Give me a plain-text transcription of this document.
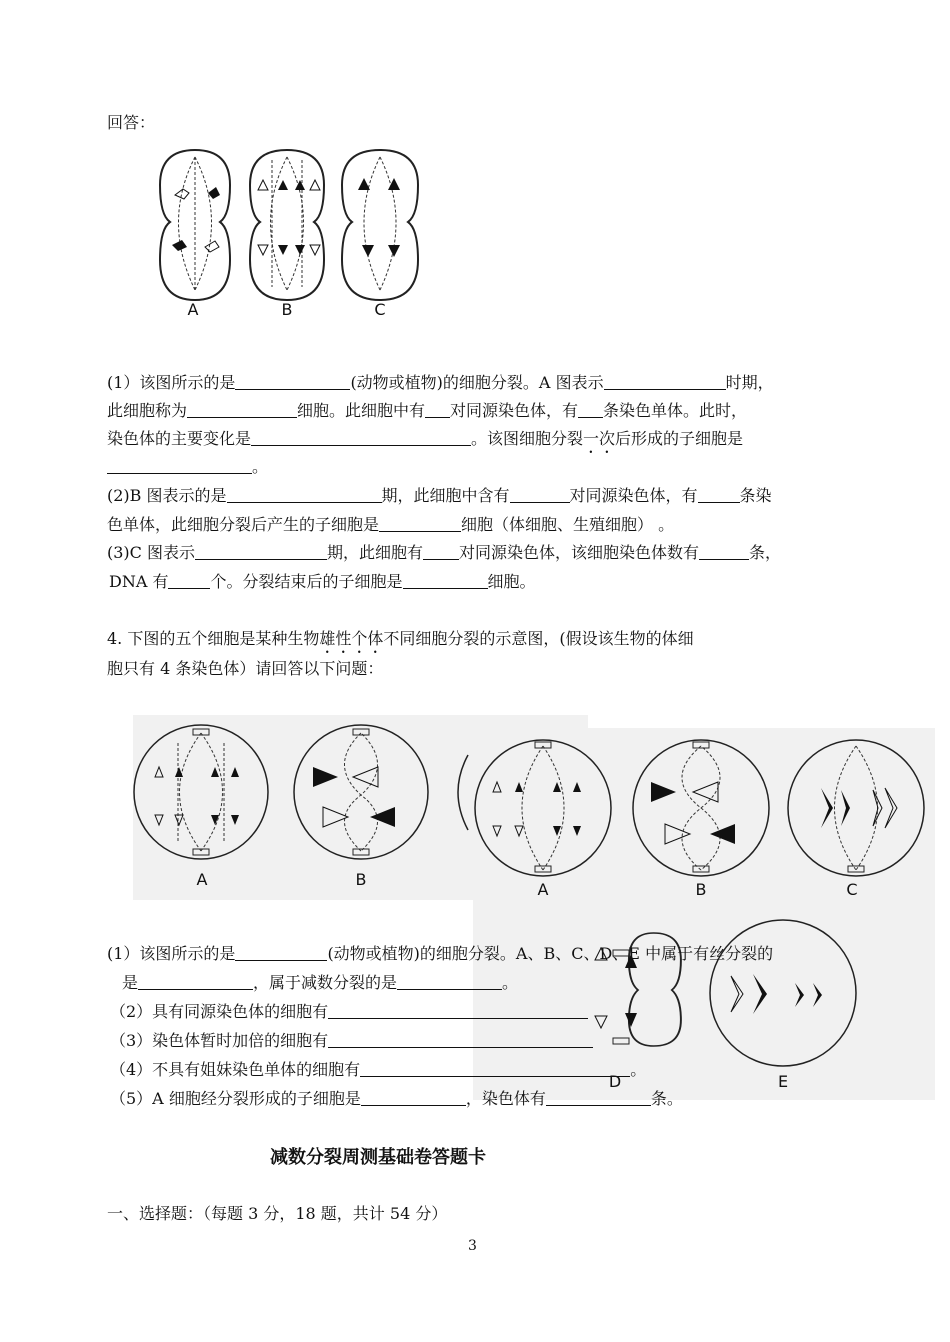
回答：
A	B	C
(1）该图所示的是	(动物或植物)的细胞分裂。A 图表示	时期，
此细胞称为	细胞。此细胞中有 对同源染色体，有 条染色单体。此时，
染色体的主要变化是	。该图细胞分裂一次后形成的子细胞是
。
(2)B 图表示的是	期，此细胞中含有	对同源染色体，有	条染
色单体，此细胞分裂后产生的子细胞是	细胞（体细胞、生殖细胞） 。
(3)C 图表示	期，此细胞有 对同源染色体，该细胞染色体数有	条，
DNA 有	个。分裂结束后的子细胞是	细胞。
4. 下图的五个细胞是某种生物雄性个体不同细胞分裂的示意图，(假设该生物的体细
胞只有 4 条染色体）请回答以下问题：
A	B
A	B	C
D	E
(1）该图所示的是	(动物或植物)的细胞分裂。A、B、C、D、E 中属于有丝分裂的
是	，属于减数分裂的是	。
（2）具有同源染色体的细胞有
（3）染色体暂时加倍的细胞有
（4）不具有姐妹染色单体的细胞有	。
（5）A 细胞经分裂形成的子细胞是	，染色体有	条。
减数分裂周测基础卷答题卡
一、选择题：（每题 3 分，18 题，共计 54 分）
3
